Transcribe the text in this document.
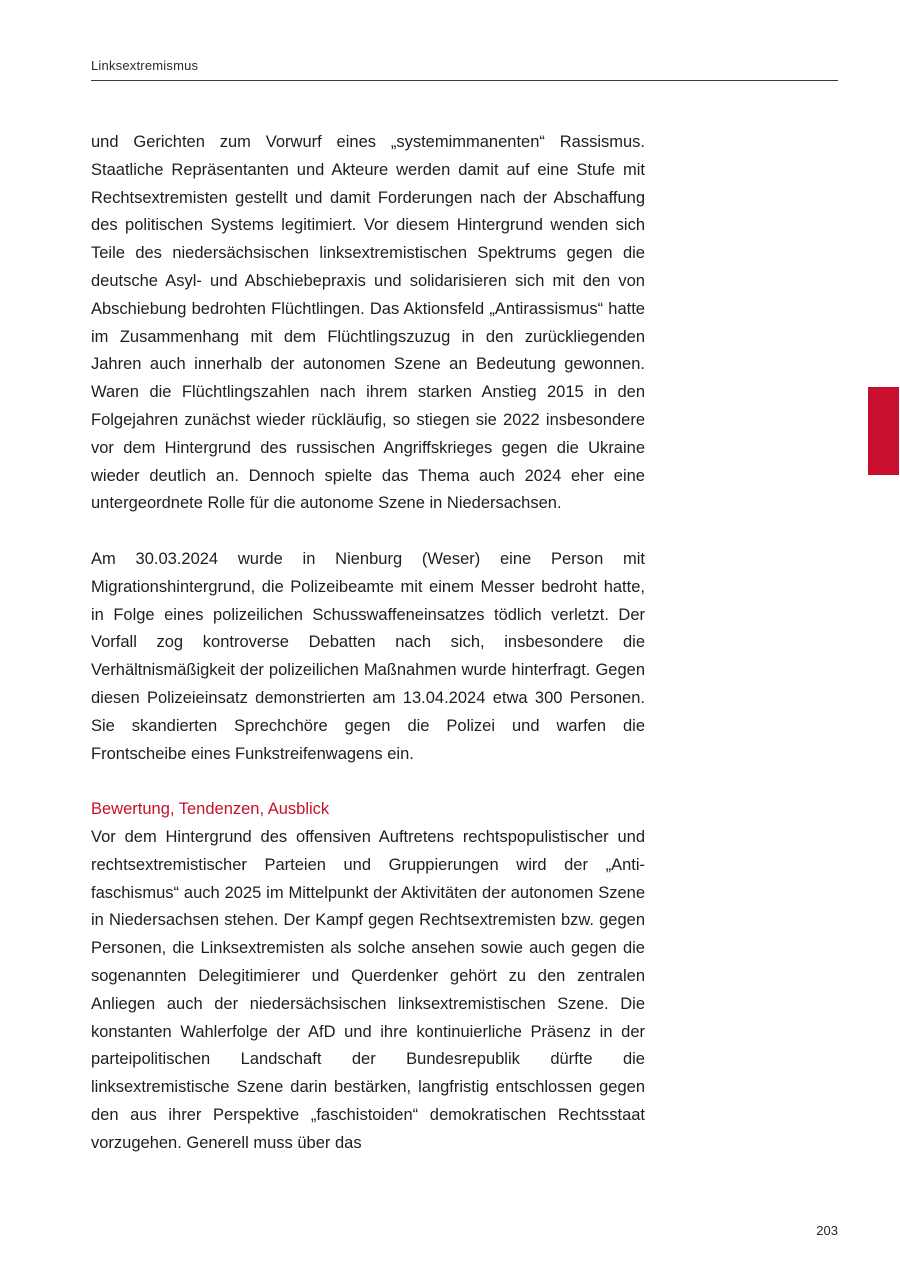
Linksextremismus

und Gerichten zum Vorwurf eines „systemimmanenten“ Rassismus. Staatliche Repräsentanten und Akteure werden damit auf eine Stufe mit Rechtsextremisten gestellt und damit Forderungen nach der Abschaffung des politischen Systems legitimiert. Vor diesem Hintergrund wenden sich Teile des niedersächsischen linksextremistischen Spektrums gegen die deutsche Asyl- und Abschiebepraxis und solidarisieren sich mit den von Abschiebung bedrohten Flüchtlingen. Das Aktionsfeld „Antirassismus“ hatte im Zusammenhang mit dem Flüchtlingszuzug in den zurückliegenden Jahren auch innerhalb der autonomen Szene an Bedeutung gewonnen. Waren die Flüchtlingszahlen nach ihrem starken Anstieg 2015 in den Folgejahren zunächst wieder rückläufig, so stiegen sie 2022 insbesondere vor dem Hintergrund des russischen Angriffskrieges gegen die Ukraine wieder deutlich an. Dennoch spielte das Thema auch 2024 eher eine untergeordnete Rolle für die autonome Szene in Niedersachsen.

Am 30.03.2024 wurde in Nienburg (Weser) eine Person mit Migrationshintergrund, die Polizeibeamte mit einem Messer bedroht hatte, in Folge eines polizeilichen Schusswaffeneinsatzes tödlich verletzt. Der Vorfall zog kontroverse Debatten nach sich, insbesondere die Verhältnismäßigkeit der polizeilichen Maßnahmen wurde hinterfragt. Gegen diesen Polizeieinsatz demonstrierten am 13.04.2024 etwa 300 Personen. Sie skandierten Sprechchöre gegen die Polizei und warfen die Frontscheibe eines Funkstreifenwagens ein.

Bewertung, Tendenzen, Ausblick

Vor dem Hintergrund des offensiven Auftretens rechtspopulistischer und rechtsextremistischer Parteien und Gruppierungen wird der „Antifaschismus“ auch 2025 im Mittelpunkt der Aktivitäten der autonomen Szene in Niedersachsen stehen. Der Kampf gegen Rechtsextremisten bzw. gegen Personen, die Linksextremisten als solche ansehen sowie auch gegen die sogenannten Delegitimierer und Querdenker gehört zu den zentralen Anliegen auch der niedersächsischen linksextremistischen Szene. Die konstanten Wahlerfolge der AfD und ihre kontinuierliche Präsenz in der parteipolitischen Landschaft der Bundesrepublik dürfte die linksextremistische Szene darin bestärken, langfristig entschlossen gegen den aus ihrer Perspektive „faschistoiden“ demokratischen Rechtsstaat vorzugehen. Generell muss über das

203
